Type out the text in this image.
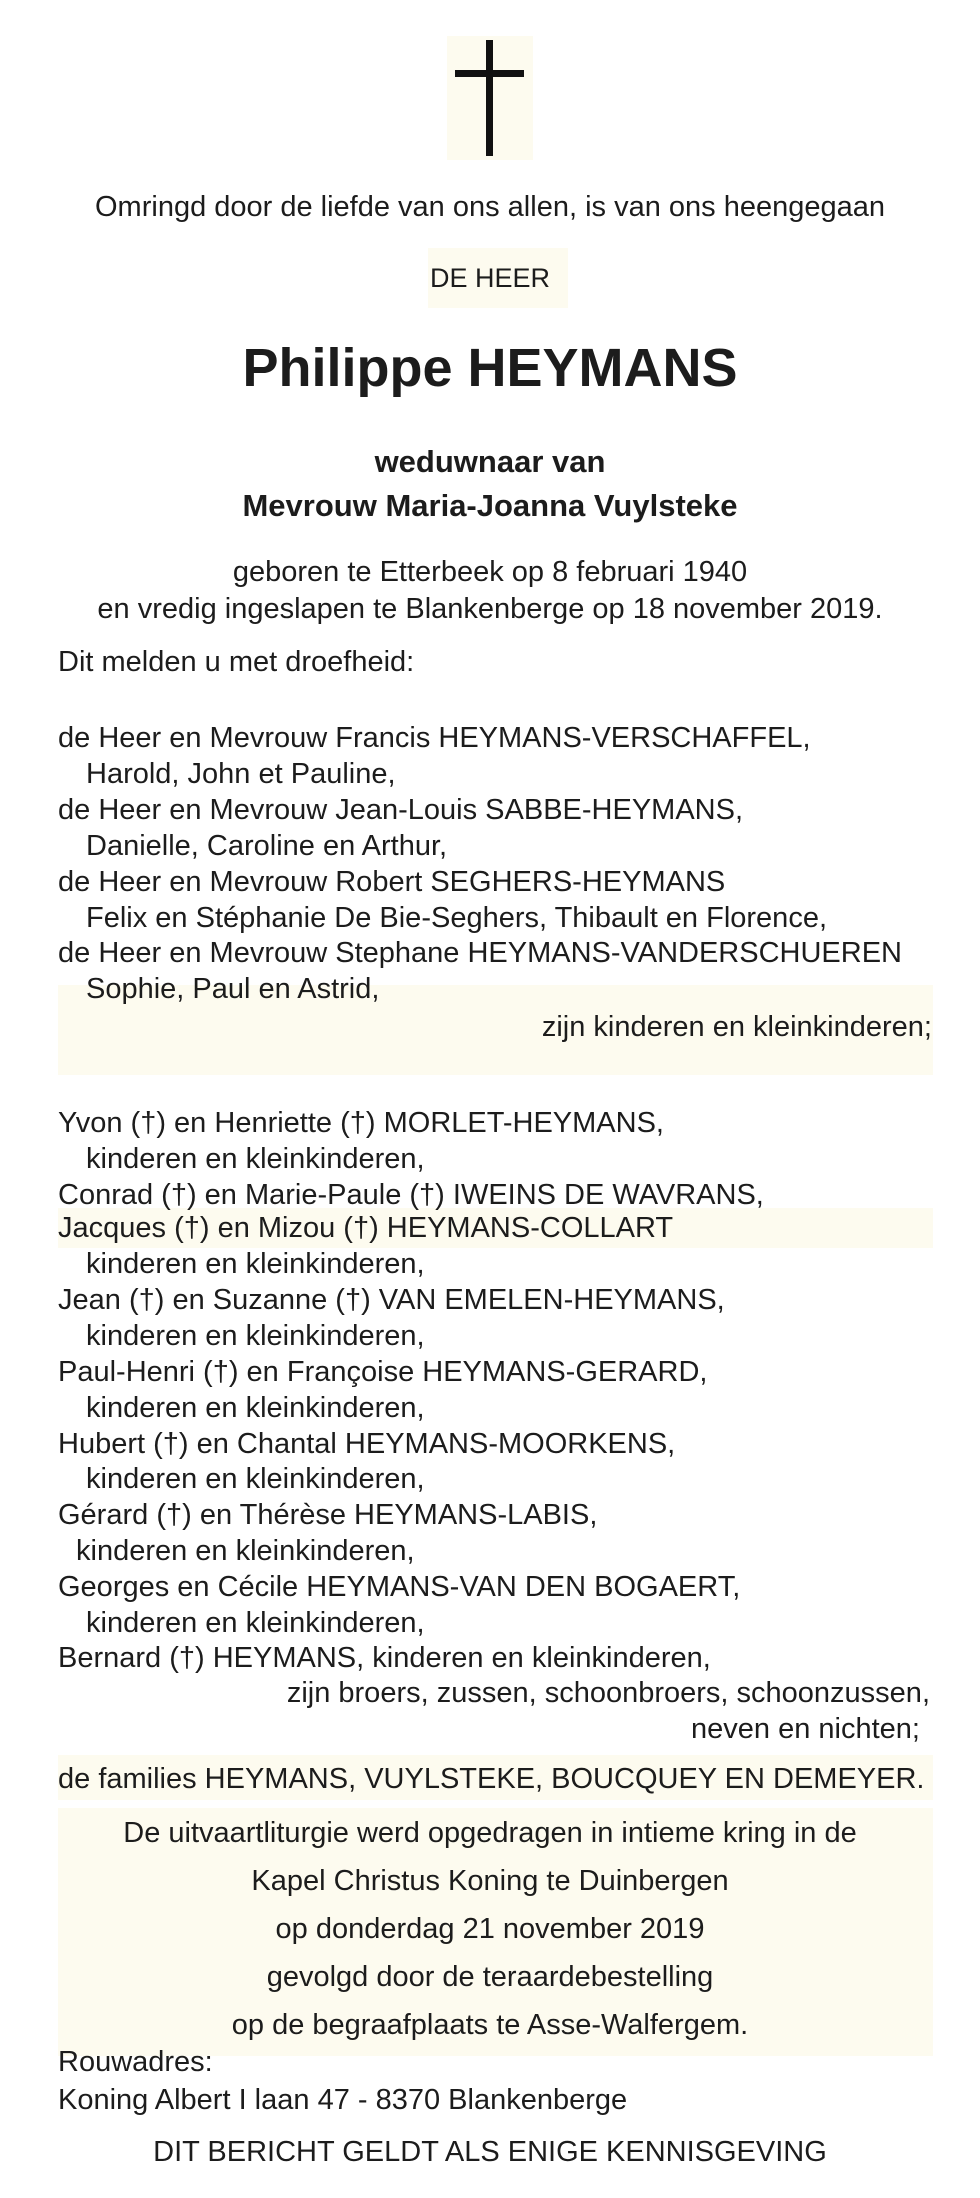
Omringd door de liefde van ons allen, is van ons heengegaan
DE HEER
Philippe HEYMANS
weduwnaar van
Mevrouw Maria-Joanna Vuylsteke
geboren te Etterbeek op 8 februari 1940
en vredig ingeslapen te Blankenberge op 18 november 2019.
Dit melden u met droefheid:
de Heer en Mevrouw Francis HEYMANS-VERSCHAFFEL,
Harold, John et Pauline,
de Heer en Mevrouw Jean-Louis SABBE-HEYMANS,
Danielle, Caroline en Arthur,
de Heer en Mevrouw Robert SEGHERS-HEYMANS
Felix en Stéphanie De Bie-Seghers, Thibault en Florence,
de Heer en Mevrouw Stephane HEYMANS-VANDERSCHUEREN
Sophie, Paul en Astrid,
zijn kinderen en kleinkinderen;
Yvon (†) en Henriette (†) MORLET-HEYMANS,
kinderen en kleinkinderen,
Conrad (†) en Marie-Paule (†) IWEINS DE WAVRANS,
Jacques (†) en Mizou (†) HEYMANS-COLLART
kinderen en kleinkinderen,
Jean (†) en Suzanne (†) VAN EMELEN-HEYMANS,
kinderen en kleinkinderen,
Paul-Henri (†) en Françoise HEYMANS-GERARD,
kinderen en kleinkinderen,
Hubert (†) en Chantal HEYMANS-MOORKENS,
kinderen en kleinkinderen,
Gérard (†) en Thérèse HEYMANS-LABIS,
kinderen en kleinkinderen,
Georges en Cécile HEYMANS-VAN DEN BOGAERT,
kinderen en kleinkinderen,
Bernard (†) HEYMANS, kinderen en kleinkinderen,
zijn broers, zussen, schoonbroers, schoonzussen,
neven en nichten;
de families HEYMANS, VUYLSTEKE, BOUCQUEY EN DEMEYER.
De uitvaartliturgie werd opgedragen in intieme kring in de
Kapel Christus Koning te Duinbergen
op donderdag 21 november 2019
gevolgd door de teraardebestelling
op de begraafplaats te Asse-Walfergem.
Rouwadres:
Koning Albert I laan 47 - 8370 Blankenberge
DIT BERICHT GELDT ALS ENIGE KENNISGEVING
